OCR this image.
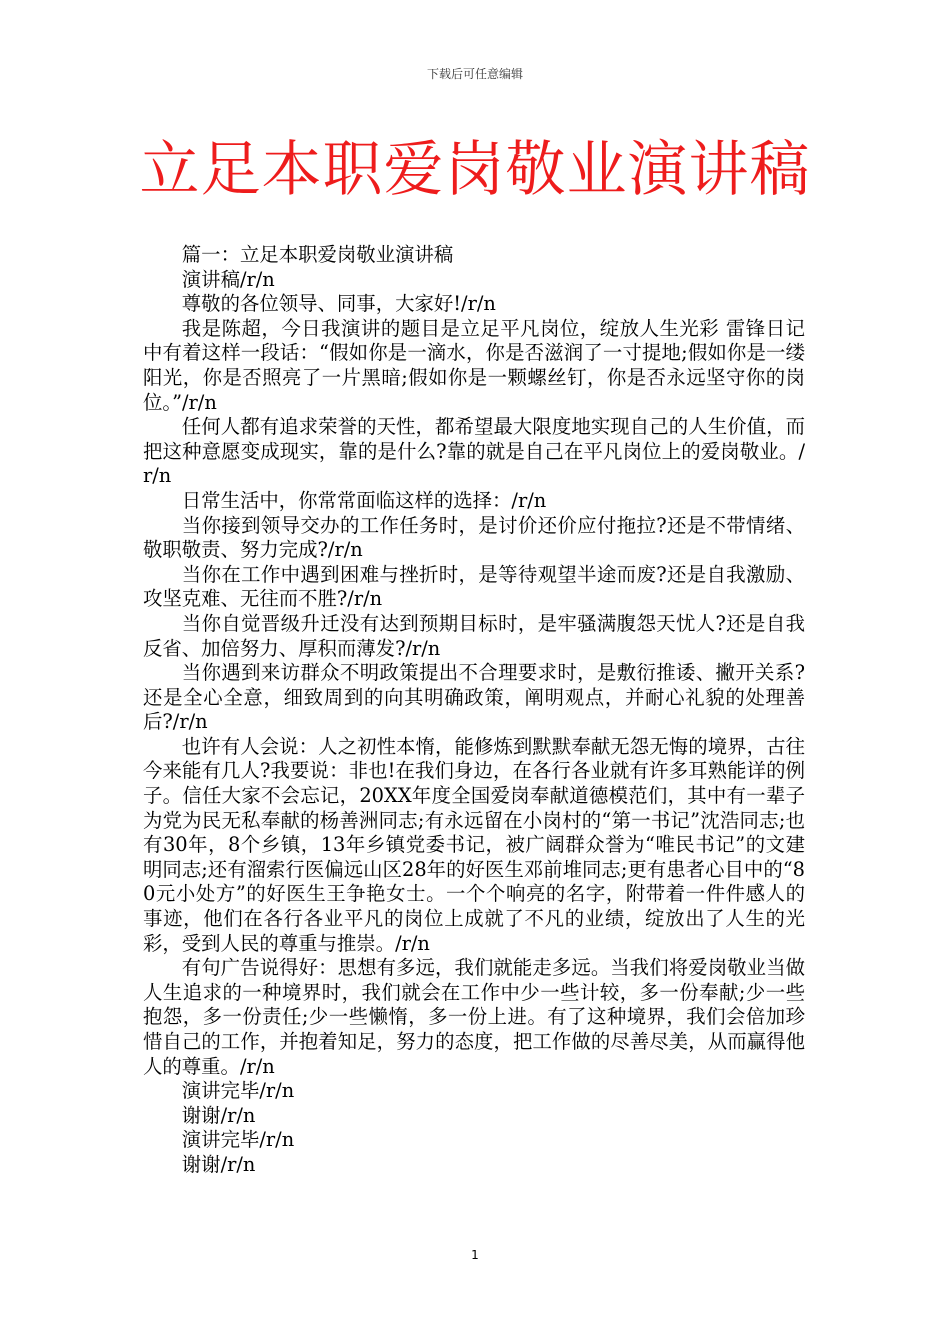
下载后可任意编辑
立足本职爱岗敬业演讲稿

篇一：立足本职爱岗敬业演讲稿

演讲稿/r/n

尊敬的各位领导、同事，大家好!/r/n

我是陈超，今日我演讲的题目是立足平凡岗位，绽放人生光彩 雷锋日记中有着这样一段话：“假如你是一滴水，你是否滋润了一寸提地;假如你是一缕阳光，你是否照亮了一片黑暗;假如你是一颗螺丝钉，你是否永远坚守你的岗位。”/r/n

任何人都有追求荣誉的天性，都希望最大限度地实现自己的人生价值，而把这种意愿变成现实，靠的是什么?靠的就是自己在平凡岗位上的爱岗敬业。/r/n

日常生活中，你常常面临这样的选择：/r/n

当你接到领导交办的工作任务时，是讨价还价应付拖拉?还是不带情绪、敬职敬责、努力完成?/r/n

当你在工作中遇到困难与挫折时，是等待观望半途而废?还是自我激励、攻坚克难、无往而不胜?/r/n

当你自觉晋级升迁没有达到预期目标时，是牢骚满腹怨天忧人?还是自我反省、加倍努力、厚积而薄发?/r/n

当你遇到来访群众不明政策提出不合理要求时，是敷衍推诿、撇开关系?还是全心全意，细致周到的向其明确政策，阐明观点，并耐心礼貌的处理善后?/r/n

也许有人会说：人之初性本惰，能修炼到默默奉献无怨无悔的境界，古往今来能有几人?我要说：非也!在我们身边，在各行各业就有许多耳熟能详的例子。信任大家不会忘记，20XX年度全国爱岗奉献道德模范们，其中有一辈子为党为民无私奉献的杨善洲同志;有永远留在小岗村的“第一书记”沈浩同志;也有30年，8个乡镇，13年乡镇党委书记，被广阔群众誉为“唯民书记”的文建明同志;还有溜索行医偏远山区28年的好医生邓前堆同志;更有患者心目中的“80元小处方”的好医生王争艳女士。一个个响亮的名字，附带着一件件感人的事迹，他们在各行各业平凡的岗位上成就了不凡的业绩，绽放出了人生的光彩，受到人民的尊重与推崇。/r/n

有句广告说得好：思想有多远，我们就能走多远。当我们将爱岗敬业当做人生追求的一种境界时，我们就会在工作中少一些计较，多一份奉献;少一些抱怨，多一份责任;少一些懒惰，多一份上进。有了这种境界，我们会倍加珍惜自己的工作，并抱着知足，努力的态度，把工作做的尽善尽美，从而赢得他人的尊重。/r/n

演讲完毕/r/n

谢谢/r/n

演讲完毕/r/n

谢谢/r/n

1
